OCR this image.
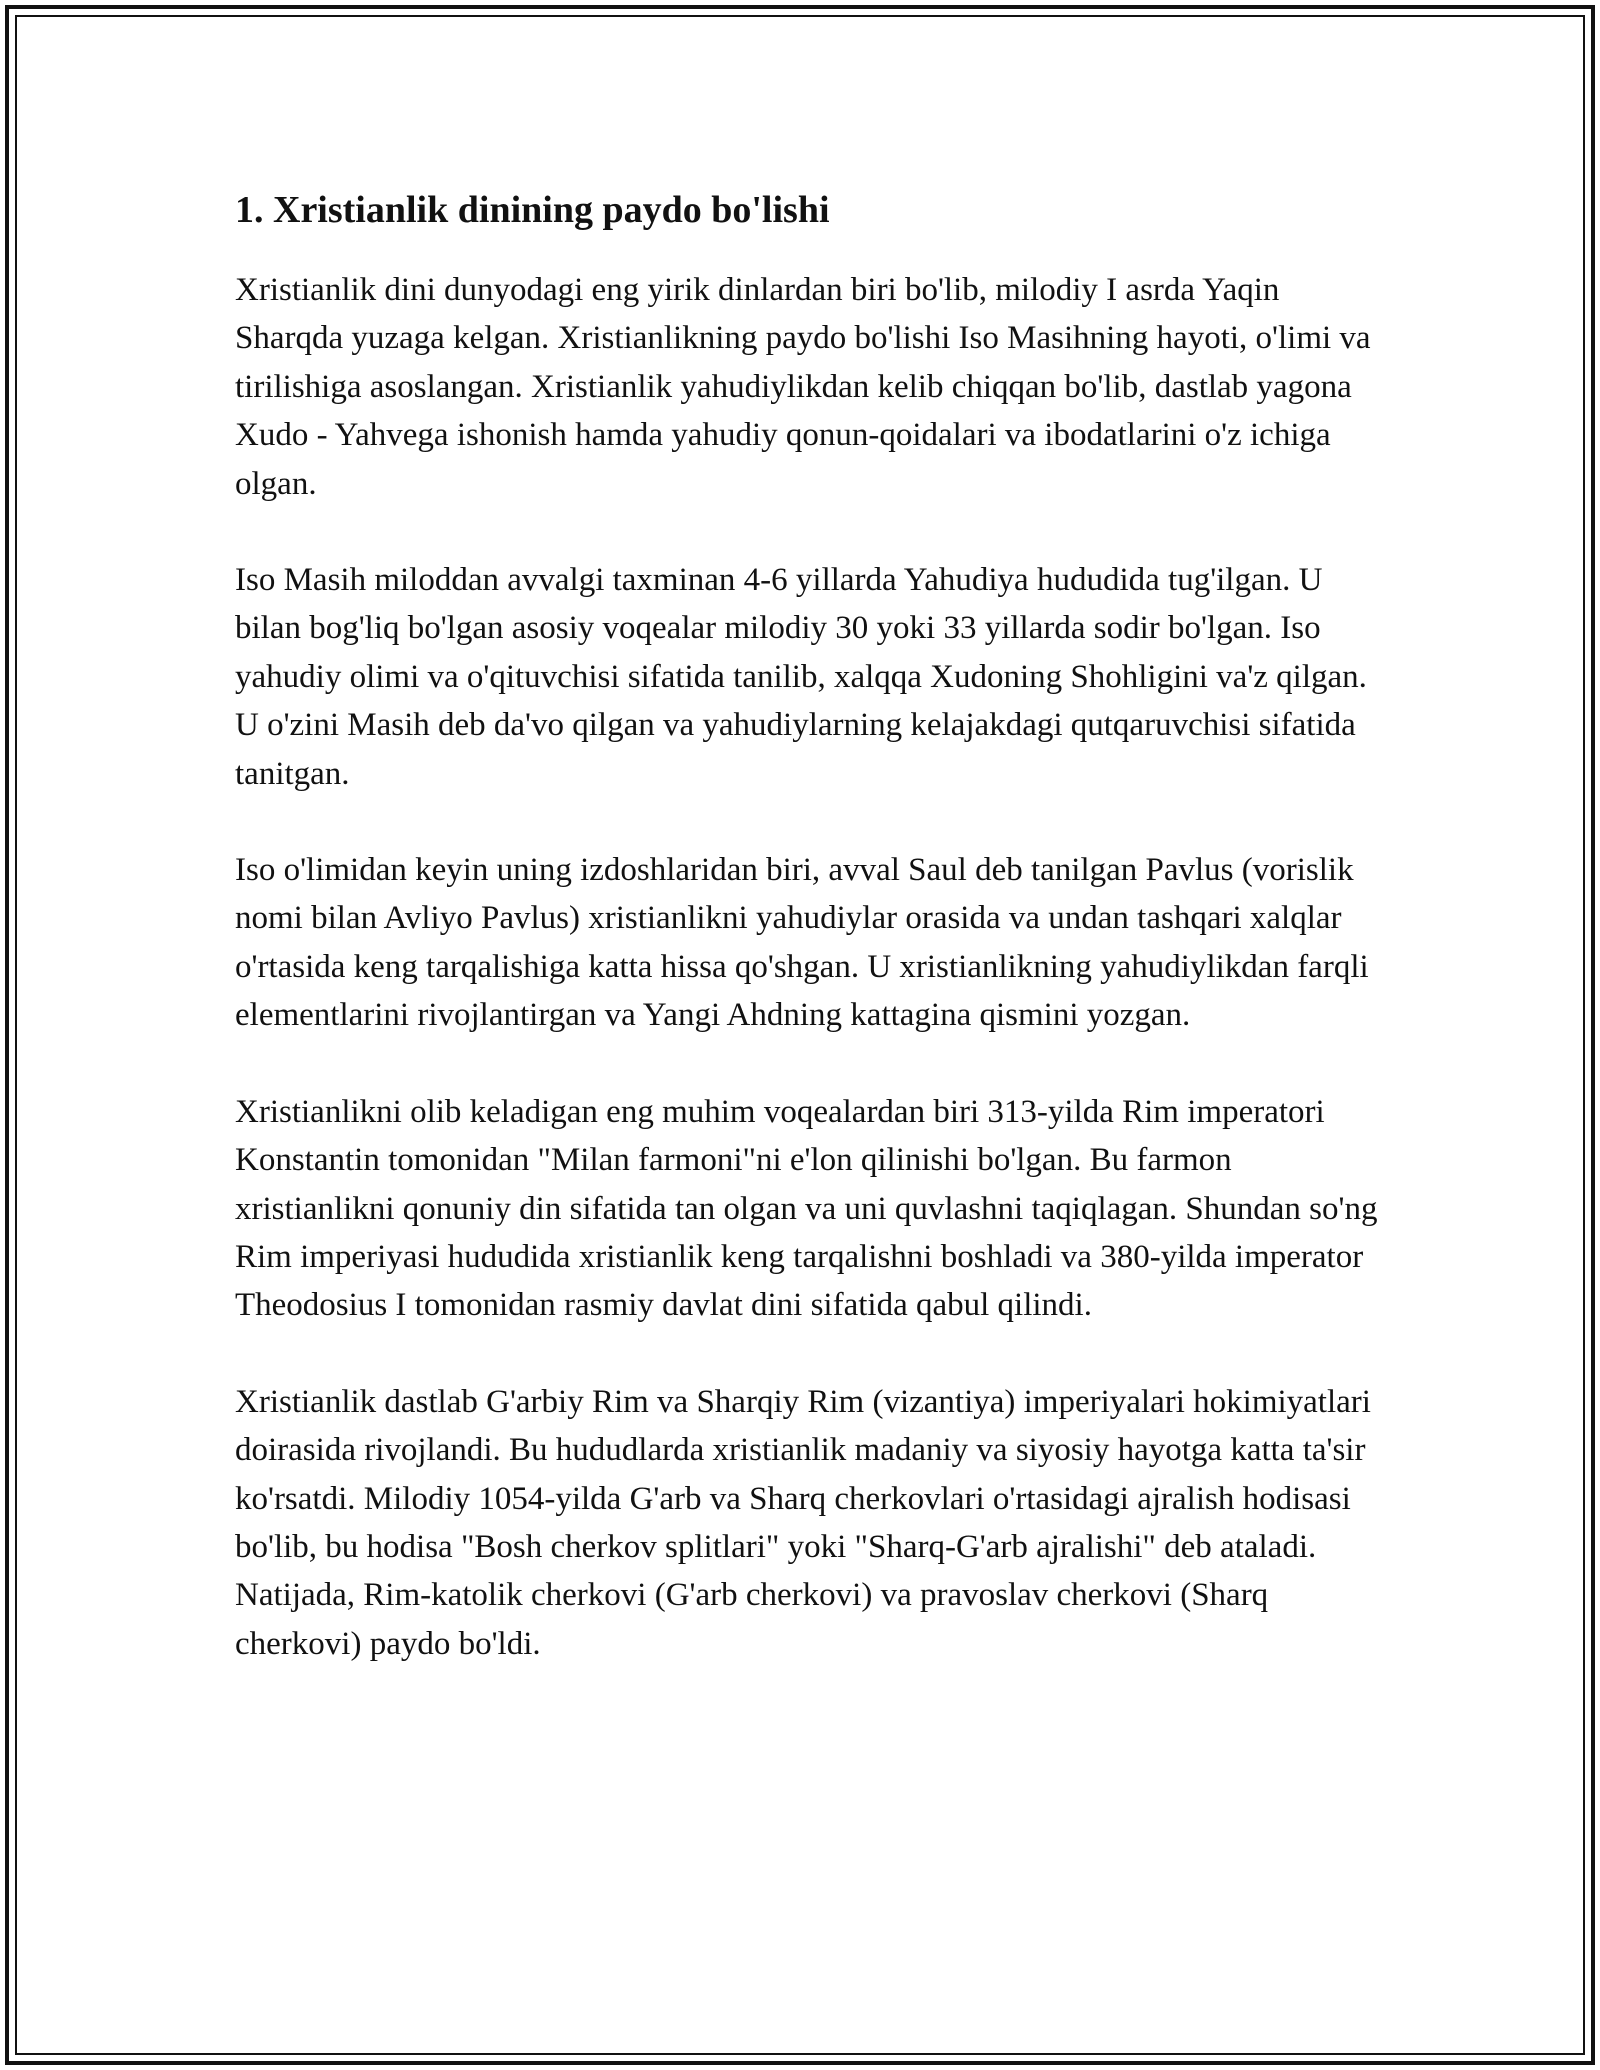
1. Xristianlik dinining paydo bo'lishi

Xristianlik dini dunyodagi eng yirik dinlardan biri bo'lib, milodiy I asrda Yaqin Sharqda yuzaga kelgan. Xristianlikning paydo bo'lishi Iso Masihning hayoti, o'limi va tirilishiga asoslangan. Xristianlik yahudiylikdan kelib chiqqan bo'lib, dastlab yagona Xudo - Yahvega ishonish hamda yahudiy qonun-qoidalari va ibodatlarini o'z ichiga olgan.

Iso Masih miloddan avvalgi taxminan 4-6 yillarda Yahudiya hududida tug'ilgan. U bilan bog'liq bo'lgan asosiy voqealar milodiy 30 yoki 33 yillarda sodir bo'lgan. Iso yahudiy olimi va o'qituvchisi sifatida tanilib, xalqqa Xudoning Shohligini va'z qilgan. U o'zini Masih deb da'vo qilgan va yahudiylarning kelajakdagi qutqaruvchisi sifatida tanitgan.

Iso o'limidan keyin uning izdoshlaridan biri, avval Saul deb tanilgan Pavlus (vorislik nomi bilan Avliyo Pavlus) xristianlikni yahudiylar orasida va undan tashqari xalqlar o'rtasida keng tarqalishiga katta hissa qo'shgan. U xristianlikning yahudiylikdan farqli elementlarini rivojlantirgan va Yangi Ahdning kattagina qismini yozgan.

Xristianlikni olib keladigan eng muhim voqealardan biri 313-yilda Rim imperatori Konstantin tomonidan "Milan farmoni"ni e'lon qilinishi bo'lgan. Bu farmon xristianlikni qonuniy din sifatida tan olgan va uni quvlashni taqiqlagan. Shundan so'ng Rim imperiyasi hududida xristianlik keng tarqalishni boshladi va 380-yilda imperator Theodosius I tomonidan rasmiy davlat dini sifatida qabul qilindi.

Xristianlik dastlab G'arbiy Rim va Sharqiy Rim (vizantiya) imperiyalari hokimiyatlari doirasida rivojlandi. Bu hududlarda xristianlik madaniy va siyosiy hayotga katta ta'sir ko'rsatdi. Milodiy 1054-yilda G'arb va Sharq cherkovlari o'rtasidagi ajralish hodisasi bo'lib, bu hodisa "Bosh cherkov splitlari" yoki "Sharq-G'arb ajralishi" deb ataladi. Natijada, Rim-katolik cherkovi (G'arb cherkovi) va pravoslav cherkovi (Sharq cherkovi) paydo bo'ldi.
